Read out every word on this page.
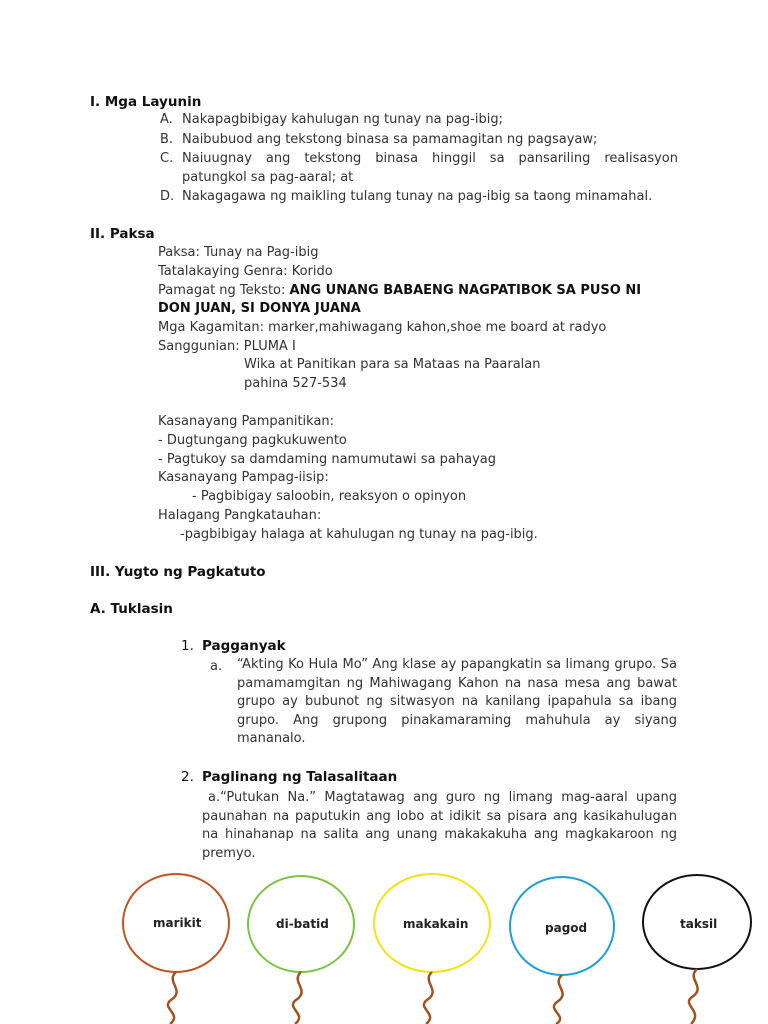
I. Mga Layunin
A. Nakapagbibigay kahulugan ng tunay na pag-ibig;
B. Naibubuod ang tekstong binasa sa pamamagitan ng pagsayaw;
C. Naiuugnay ang tekstong binasa hinggil sa pansariling realisasyon
patungkol sa pag-aaral; at
D. Nakagagawa ng maikling tulang tunay na pag-ibig sa taong minamahal.
II. Paksa
Paksa: Tunay na Pag-ibig
Tatalakaying Genra: Korido
Pamagat ng Teksto: ANG UNANG BABAENG NAGPATIBOK SA PUSO NI
DON JUAN, SI DONYA JUANA
Mga Kagamitan: marker,mahiwagang kahon,shoe me board at radyo
Sanggunian: PLUMA I
Wika at Panitikan para sa Mataas na Paaralan
pahina 527-534
Kasanayang Pampanitikan:
- Dugtungang pagkukuwento
- Pagtukoy sa damdaming namumutawi sa pahayag
Kasanayang Pampag-iisip:
- Pagbibigay saloobin, reaksyon o opinyon
Halagang Pangkatauhan:
-pagbibigay halaga at kahulugan ng tunay na pag-ibig.
III. Yugto ng Pagkatuto
A. Tuklasin
1. Pagganyak
a. “Akting Ko Hula Mo” Ang klase ay papangkatin sa limang grupo. Sa pamamamgitan ng Mahiwagang Kahon na nasa mesa ang bawat grupo ay bubunot ng sitwasyon na kanilang ipapahula sa ibang grupo. Ang grupong pinakamaraming mahuhula ay siyang mananalo.
2. Paglinang ng Talasalitaan
a.“Putukan Na.” Magtatawag ang guro ng limang mag-aaral upang paunahan na paputukin ang lobo at idikit sa pisara ang kasikahulugan na hinahanap na salita ang unang makakakuha ang magkakaroon ng premyo.
marikit	di-batid	makakain	pagod	taksil
